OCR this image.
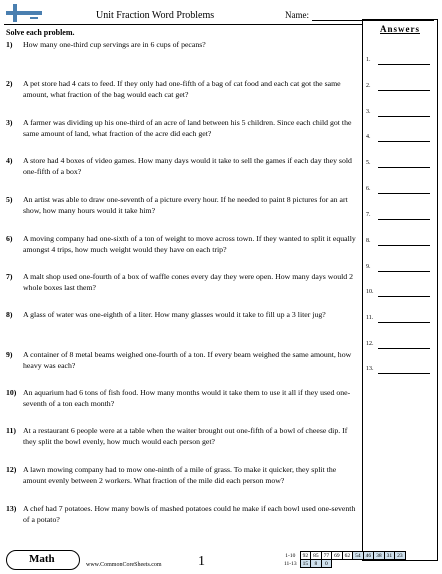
Unit Fraction Word Problems	Name:
Solve each problem.
1)	How many one-third cup servings are in 6 cups of pecans?
2)	A pet store had 4 cats to feed. If they only had one-fifth of a bag of cat food and each cat got the same amount, what fraction of the bag would each cat get?
3)	A farmer was dividing up his one-third of an acre of land between his 5 children. Since each child got the same amount of land, what fraction of the acre did each get?
4)	A store had 4 boxes of video games. How many days would it take to sell the games if each day they sold one-fifth of a box?
5)	An artist was able to draw one-seventh of a picture every hour. If he needed to paint 8 pictures for an art show, how many hours would it take him?
6)	A moving company had one-sixth of a ton of weight to move across town. If they wanted to split it equally amongst 4 trips, how much weight would they have on each trip?
7)	A malt shop used one-fourth of a box of waffle cones every day they were open. How many days would 2 whole boxes last them?
8)	A glass of water was one-eighth of a liter. How many glasses would it take to fill up a 3 liter jug?
9)	A container of 8 metal beams weighed one-fourth of a ton. If every beam weighed the same amount, how heavy was each?
10) An aquarium had 6 tons of fish food. How many months would it take them to use it all if they used one-seventh of a ton each month?
11) At a restaurant 6 people were at a table when the waiter brought out one-fifth of a bowl of cheese dip. If they split the bowl evenly, how much would each person get?
12) A lawn mowing company had to mow one-ninth of a mile of grass. To make it quicker, they split the amount evenly between 2 workers. What fraction of the mile did each person mow?
13) A chef had 7 potatoes. How many bowls of mashed potatoes could he make if each bowl used one-seventh of a potato?
Answers
1.
2.
3.
4.
5.
6.
7.
8.
9.
10.
11.
12.
13.
Math	www.CommonCoreSheets.com	1	1-10	92	85	77	69	62	54	46	38	31	23
11-13	15	8	0							
